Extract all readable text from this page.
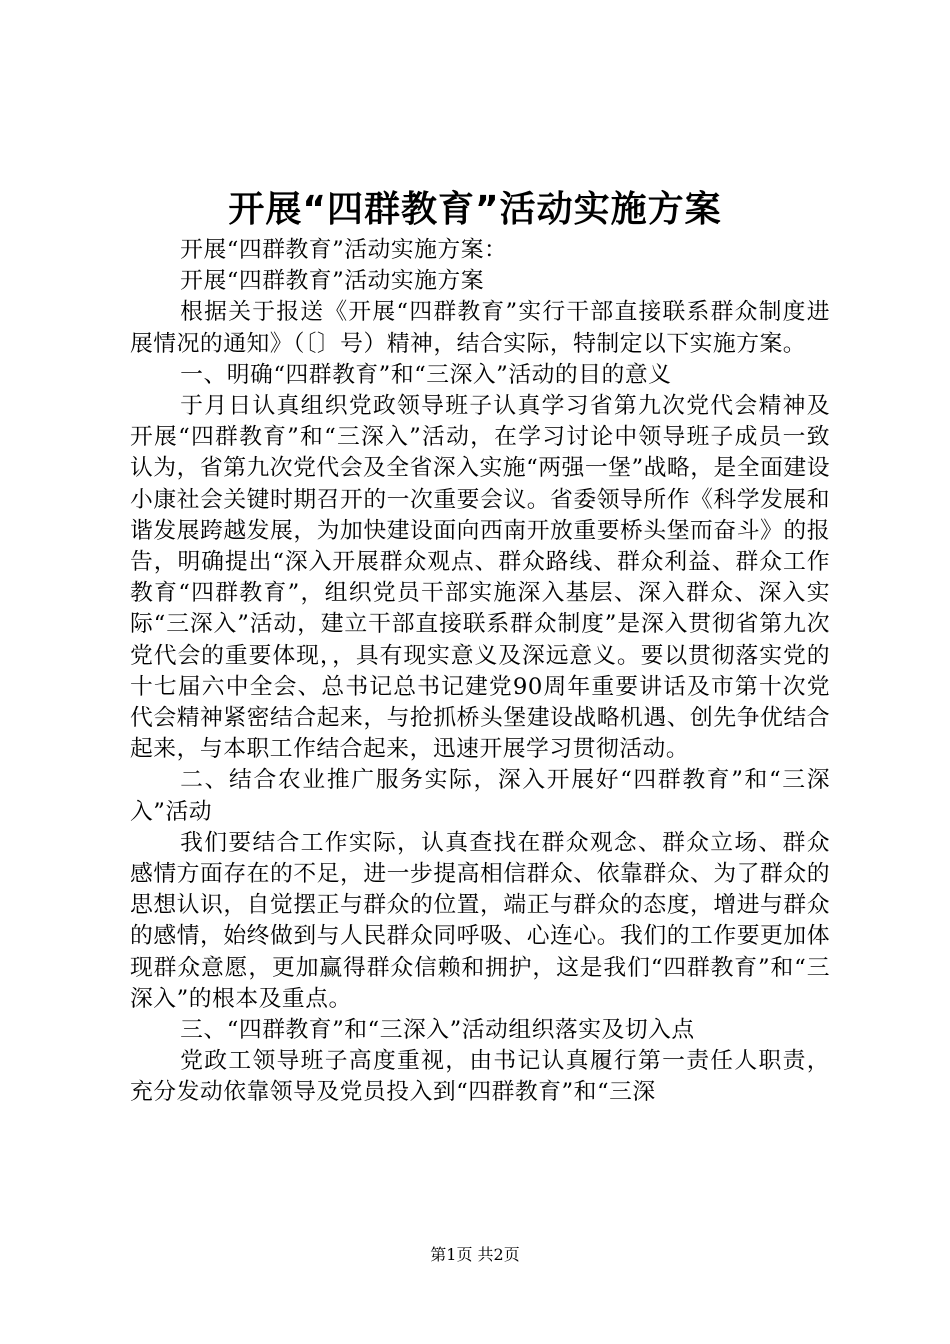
开展“四群教育”活动实施方案

开展“四群教育”活动实施方案：

开展“四群教育”活动实施方案

根据关于报送《开展“四群教育”实行干部直接联系群众制度进展情况的通知》（〔〕号）精神，结合实际，特制定以下实施方案。

一、明确“四群教育”和“三深入”活动的目的意义

于月日认真组织党政领导班子认真学习省第九次党代会精神及开展“四群教育”和“三深入”活动，在学习讨论中领导班子成员一致认为，省第九次党代会及全省深入实施“两强一堡”战略，是全面建设小康社会关键时期召开的一次重要会议。省委领导所作《科学发展和谐发展跨越发展，为加快建设面向西南开放重要桥头堡而奋斗》的报告，明确提出“深入开展群众观点、群众路线、群众利益、群众工作教育“四群教育”，组织党员干部实施深入基层、深入群众、深入实际“三深入”活动，建立干部直接联系群众制度”是深入贯彻省第九次党代会的重要体现，，具有现实意义及深远意义。要以贯彻落实党的十七届六中全会、总书记总书记建党90周年重要讲话及市第十次党代会精神紧密结合起来，与抢抓桥头堡建设战略机遇、创先争优结合起来，与本职工作结合起来，迅速开展学习贯彻活动。

二、结合农业推广服务实际，深入开展好“四群教育”和“三深入”活动

我们要结合工作实际，认真查找在群众观念、群众立场、群众感情方面存在的不足，进一步提高相信群众、依靠群众、为了群众的思想认识，自觉摆正与群众的位置，端正与群众的态度，增进与群众的感情，始终做到与人民群众同呼吸、心连心。我们的工作要更加体现群众意愿，更加赢得群众信赖和拥护，这是我们“四群教育”和“三深入”的根本及重点。

三、“四群教育”和“三深入”活动组织落实及切入点

党政工领导班子高度重视，由书记认真履行第一责任人职责，充分发动依靠领导及党员投入到“四群教育”和“三深

第1页 共2页
